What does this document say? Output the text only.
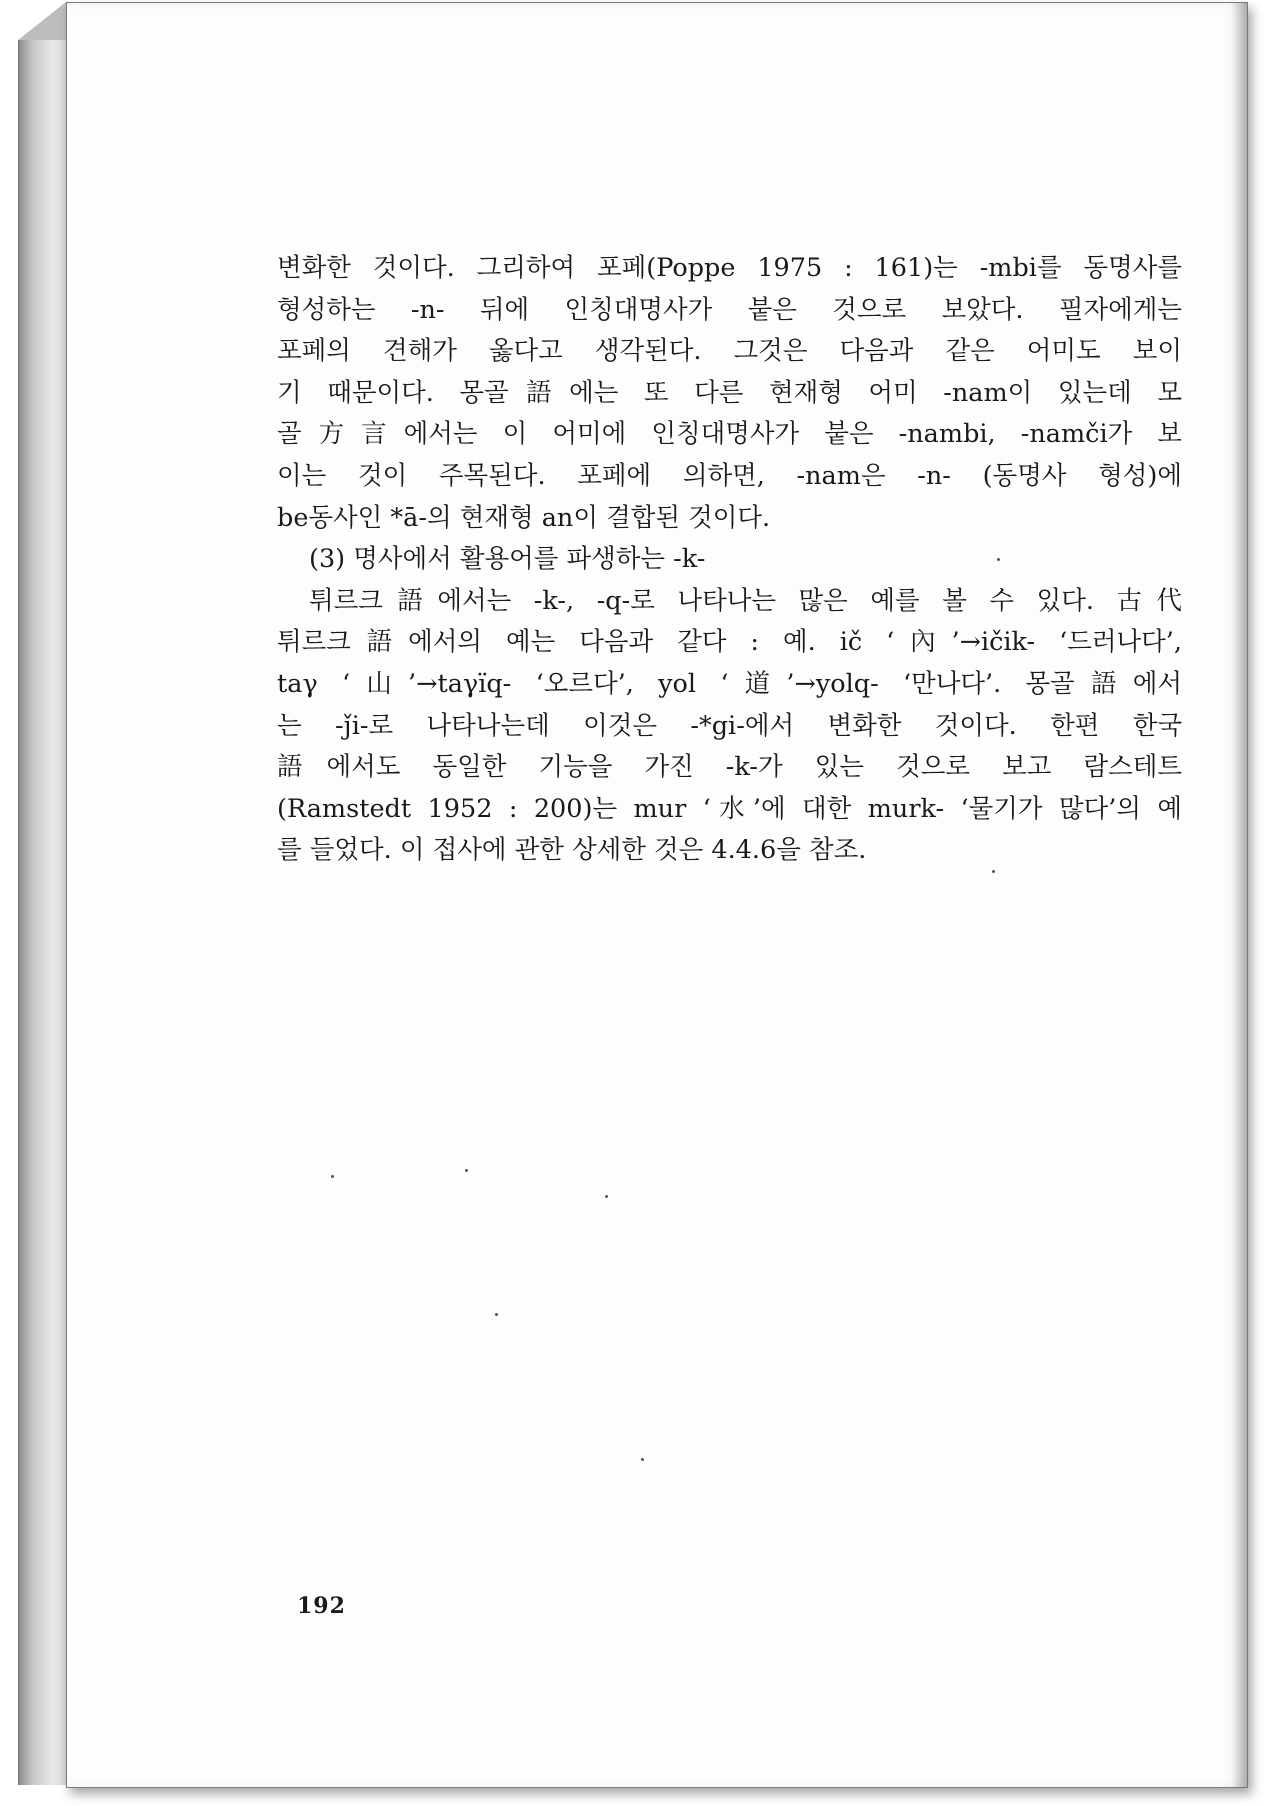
변화한 것이다. 그리하여 포페(Poppe 1975 : 161)는 -mbi를 동명사를
형성하는 -n- 뒤에 인칭대명사가 붙은 것으로 보았다. 필자에게는
포페의 견해가 옳다고 생각된다. 그것은 다음과 같은 어미도 보이
기 때문이다. 몽골語에는 또 다른 현재형 어미 -nam이 있는데 모
골方言에서는 이 어미에 인칭대명사가 붙은 -nambi, -namči가 보
이는 것이 주목된다. 포페에 의하면, -nam은 -n- (동명사 형성)에
be동사인 *ā-의 현재형 an이 결합된 것이다.
(3) 명사에서 활용어를 파생하는 -k-
튀르크語에서는 -k-, -q-로 나타나는 많은 예를 볼 수 있다. 古代
튀르크語에서의 예는 다음과 같다 : 예. ič ‘內’→ičik- ‘드러나다’,
taγ ‘山’→taγïq- ‘오르다’, yol ‘道’→yolq- ‘만나다’. 몽골語에서
는 -ǰi-로 나타나는데 이것은 -*gi-에서 변화한 것이다. 한편 한국
語에서도 동일한 기능을 가진 -k-가 있는 것으로 보고 람스테트
(Ramstedt 1952 : 200)는 mur ‘水’에 대한 murk- ‘물기가 많다’의 예
를 들었다. 이 접사에 관한 상세한 것은 4.4.6을 참조.
192
